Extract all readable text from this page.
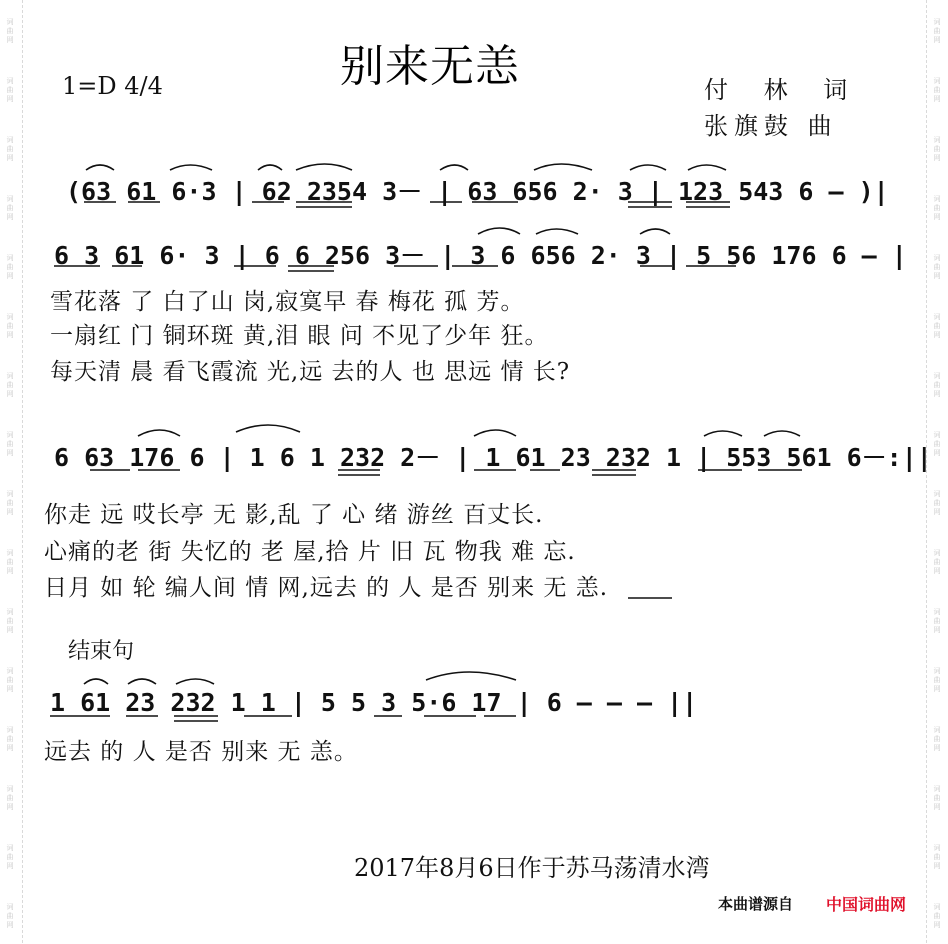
词
曲
网
词
曲
网
词
曲
网
词
曲
网
词
曲
网
词
曲
网
词
曲
网
词
曲
网
词
曲
网
词
曲
网
词
曲
网
词
曲
网
词
曲
网
词
曲
网
词
曲
网
词
曲
网
词
曲
网
词
曲
网
词
曲
网
词
曲
网
词
曲
网
词
曲
网
词
曲
网
词
曲
网
词
曲
网
词
曲
网
词
曲
网
词
曲
网
词
曲
网
词
曲
网
词
曲
网
词
曲
网
别来无恙
1=D 4/4	付 林 词
张旗鼓 曲
(63 61 6·3 | 62 2354 3－ | 63 656 2· 3 | 123 543 6 — )|
6 3 61 6· 3 | 6 6 256 3－ | 3 6 656 2· 3 | 5 56 176 6 — |
雪花落 了 白了山 岗,寂寞早 春 梅花 孤 芳。
一扇红 门 铜环斑 黄,泪 眼 问 不见了少年 狂。
每天清 晨 看飞霞流 光,远 去的人 也 思远 情 长?
6 63 176 6 | 1 6 1 232 2－ | 1 61 23 232 1 | 553 561 6－:||
你走 远 哎长亭 无 影,乱 了 心 绪 游丝 百丈长.
心痛的老 街 失忆的 老 屋,拾 片 旧 瓦 物我 难 忘.
日月 如 轮 编人间 情 网,远去 的 人 是否 别来 无 恙.
结束句
1 61 23 232 1 1 | 5 5 3 5·6 17 | 6 — — — ||
远去 的 人 是否 别来 无 恙。
2017年8月6日作于苏马荡清水湾
本曲谱源自 中国词曲网
